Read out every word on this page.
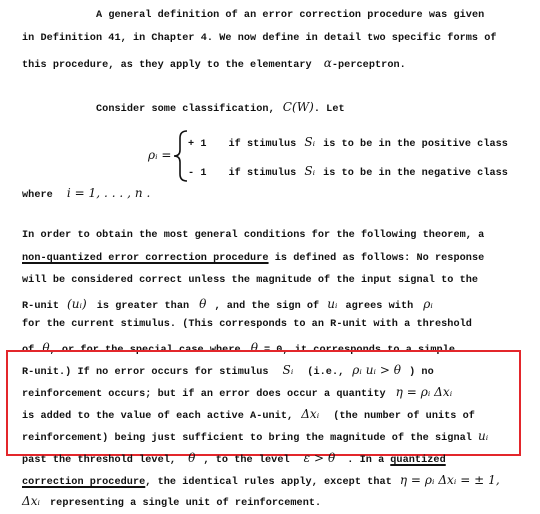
A general definition of an error correction procedure was given
in Definition 41, in Chapter 4. We now define in detail two specific forms of
this procedure, as they apply to the elementary α-perceptron.
Consider some classification, C(W). Let
ρᵢ =
+ 1 if stimulus Sᵢ is to be in the positive class
- 1 if stimulus Sᵢ is to be in the negative class
where i = 1, . . . , n .
In order to obtain the most general conditions for the following theorem, a
non-quantized error correction procedure is defined as follows: No response
will be considered correct unless the magnitude of the input signal to the
R-unit (uᵢ) is greater than θ , and the sign of uᵢ agrees with ρᵢ
for the current stimulus. (This corresponds to an R-unit with a threshold
of θ, or for the special case where θ = 0, it corresponds to a simple
R-unit.) If no error occurs for stimulus Sᵢ (i.e., ρᵢ uᵢ > θ ) no
reinforcement occurs; but if an error does occur a quantity η = ρᵢ Δxᵢ
is added to the value of each active A-unit, Δxᵢ (the number of units of
reinforcement) being just sufficient to bring the magnitude of the signal uᵢ
past the threshold level, θ , to the level ε > θ . In a quantized
correction procedure, the identical rules apply, except that η = ρᵢ Δxᵢ = ± 1,
Δxᵢ representing a single unit of reinforcement.
